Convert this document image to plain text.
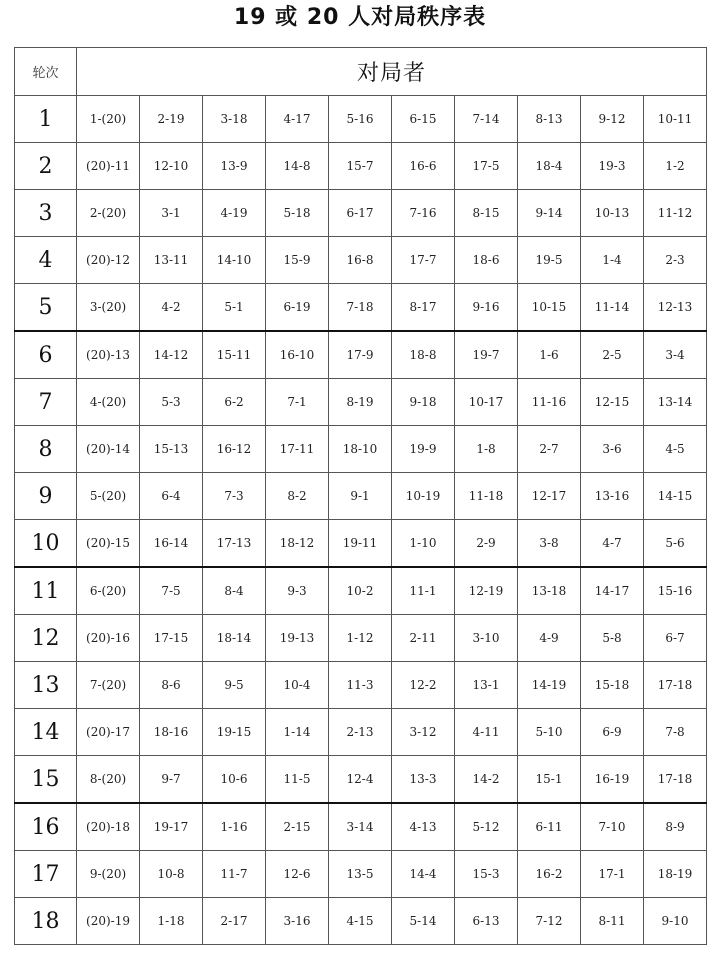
19 或 20 人对局秩序表
轮次	对局者									
1	1-(20)	2-19	3-18	4-17	5-16	6-15	7-14	8-13	9-12	10-11
2	(20)-11	12-10	13-9	14-8	15-7	16-6	17-5	18-4	19-3	1-2
3	2-(20)	3-1	4-19	5-18	6-17	7-16	8-15	9-14	10-13	11-12
4	(20)-12	13-11	14-10	15-9	16-8	17-7	18-6	19-5	1-4	2-3
5	3-(20)	4-2	5-1	6-19	7-18	8-17	9-16	10-15	11-14	12-13
6	(20)-13	14-12	15-11	16-10	17-9	18-8	19-7	1-6	2-5	3-4
7	4-(20)	5-3	6-2	7-1	8-19	9-18	10-17	11-16	12-15	13-14
8	(20)-14	15-13	16-12	17-11	18-10	19-9	1-8	2-7	3-6	4-5
9	5-(20)	6-4	7-3	8-2	9-1	10-19	11-18	12-17	13-16	14-15
10	(20)-15	16-14	17-13	18-12	19-11	1-10	2-9	3-8	4-7	5-6
11	6-(20)	7-5	8-4	9-3	10-2	11-1	12-19	13-18	14-17	15-16
12	(20)-16	17-15	18-14	19-13	1-12	2-11	3-10	4-9	5-8	6-7
13	7-(20)	8-6	9-5	10-4	11-3	12-2	13-1	14-19	15-18	17-18
14	(20)-17	18-16	19-15	1-14	2-13	3-12	4-11	5-10	6-9	7-8
15	8-(20)	9-7	10-6	11-5	12-4	13-3	14-2	15-1	16-19	17-18
16	(20)-18	19-17	1-16	2-15	3-14	4-13	5-12	6-11	7-10	8-9
17	9-(20)	10-8	11-7	12-6	13-5	14-4	15-3	16-2	17-1	18-19
18	(20)-19	1-18	2-17	3-16	4-15	5-14	6-13	7-12	8-11	9-10
